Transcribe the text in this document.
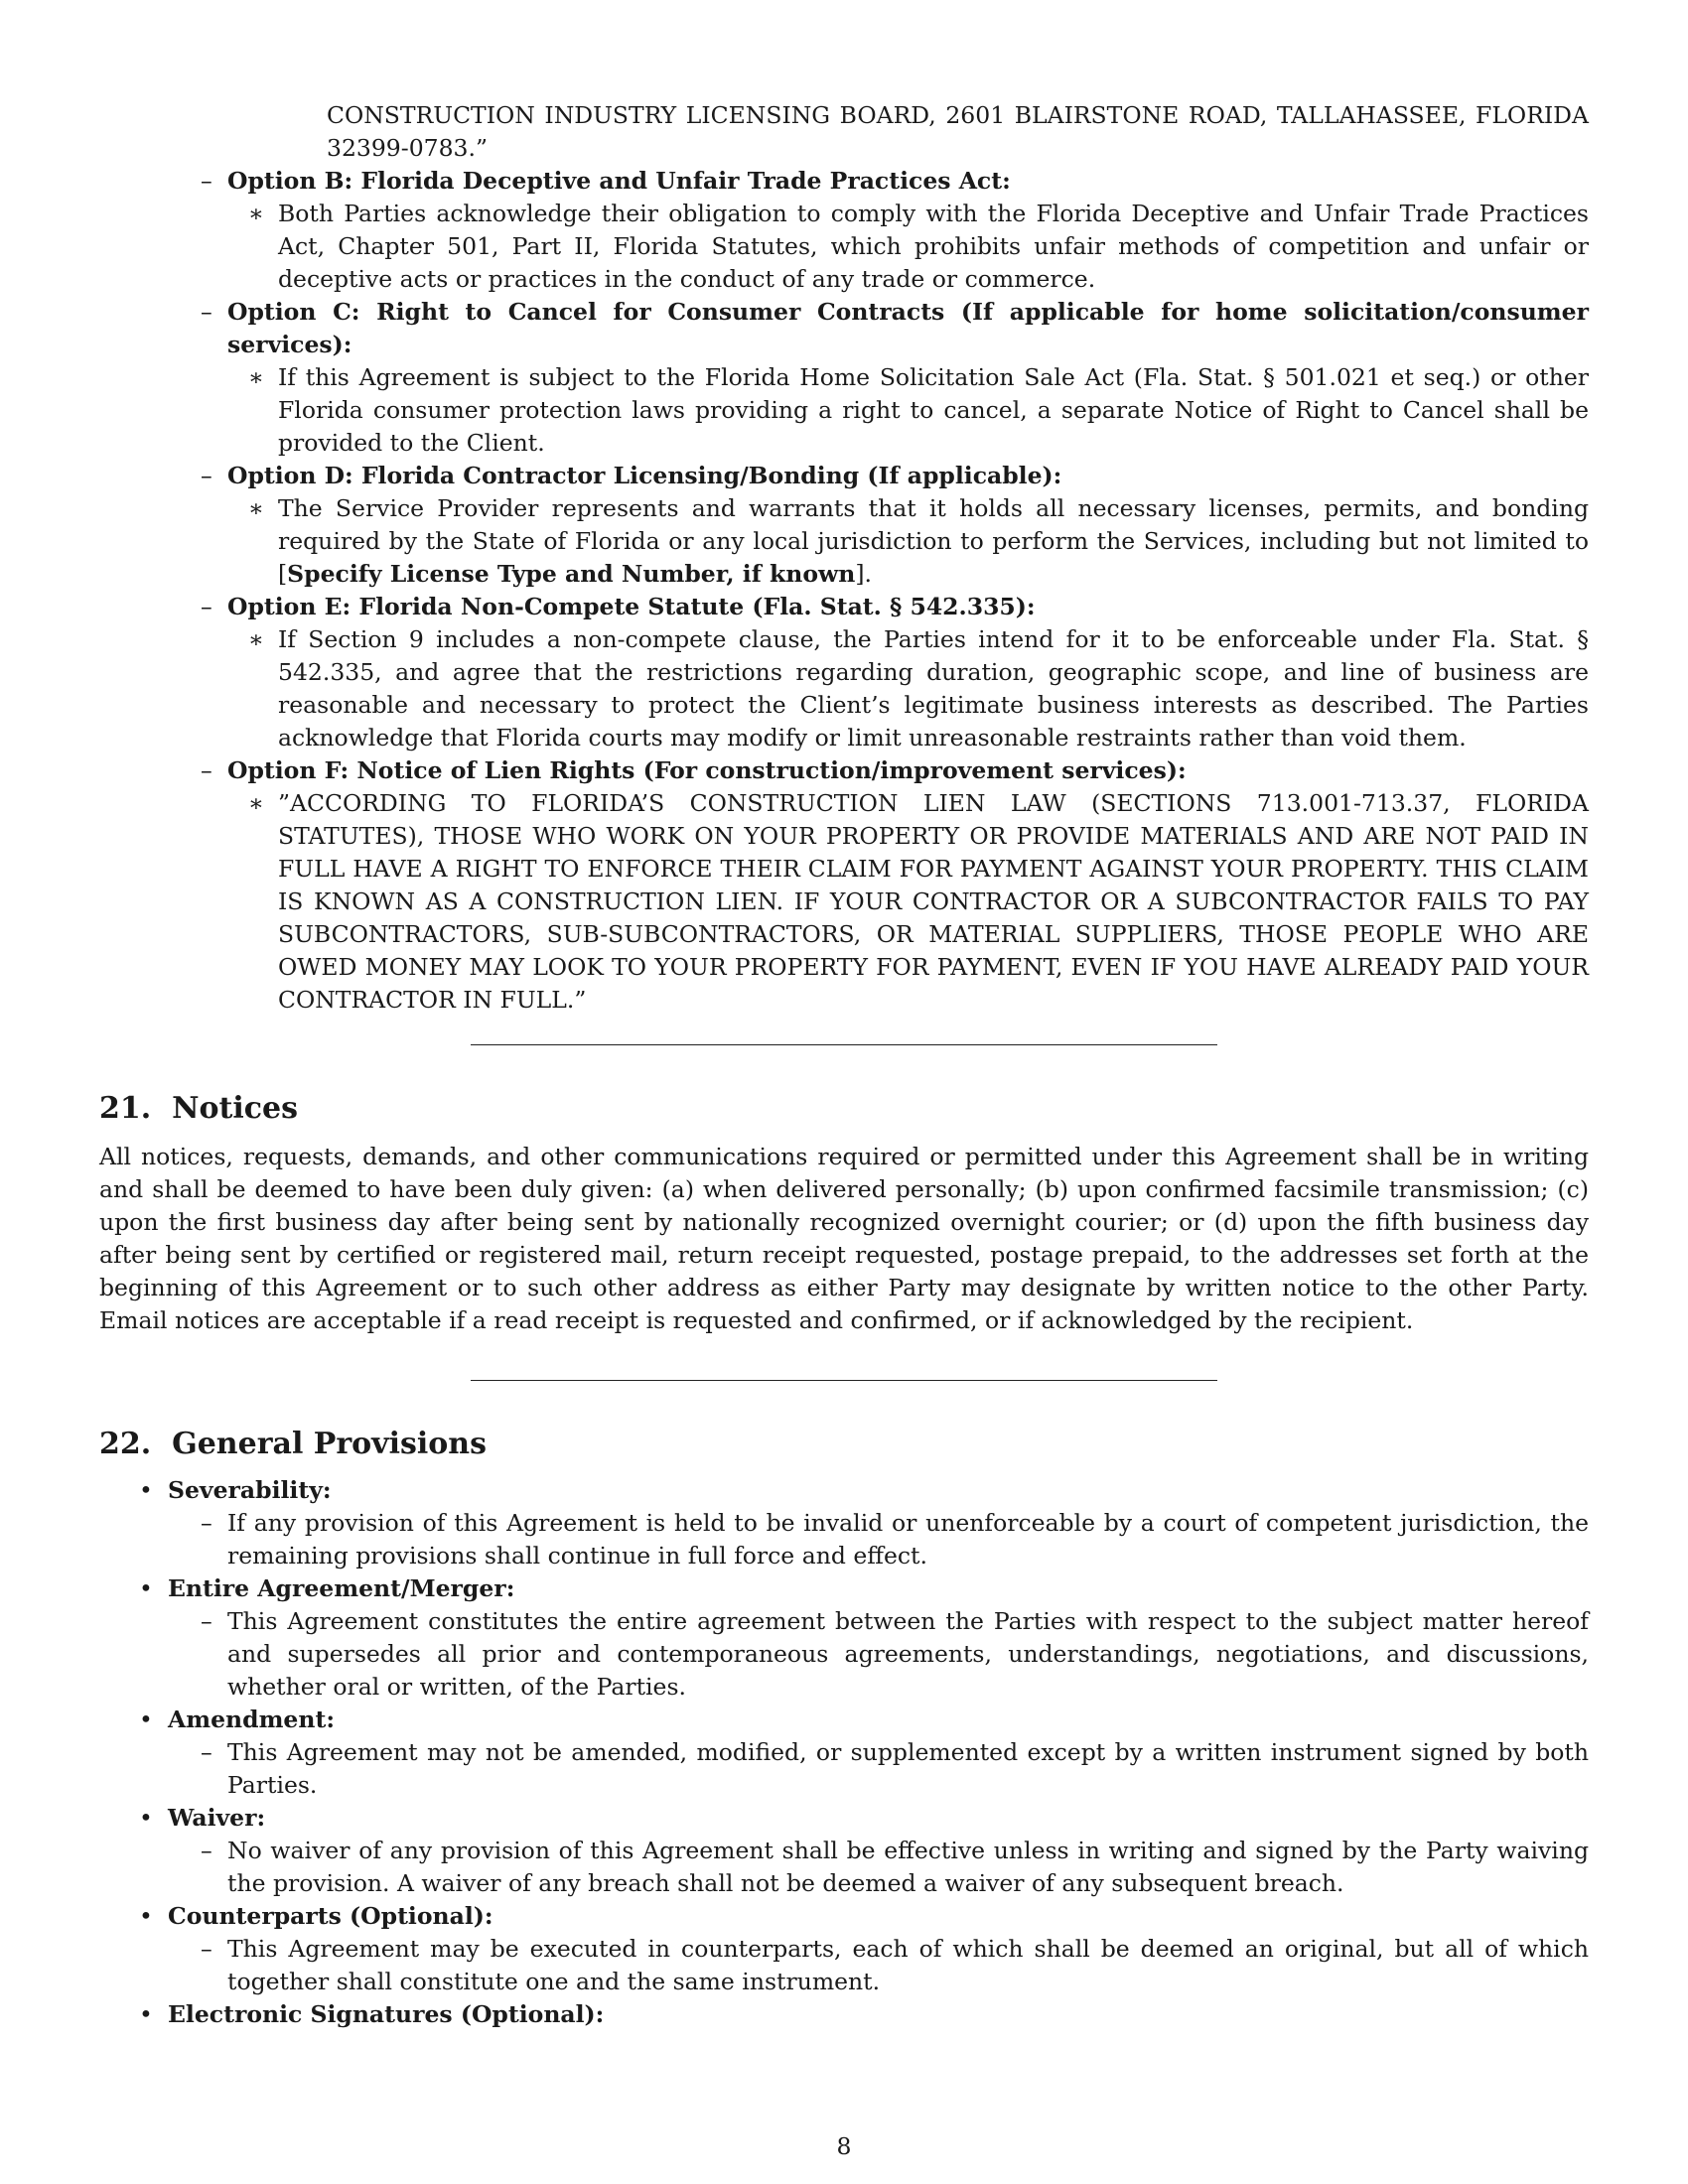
CONSTRUCTION INDUSTRY LICENSING BOARD, 2601 BLAIRSTONE ROAD, TALLAHASSEE, FLORIDA 32399-0783.”
– Option B: Florida Deceptive and Unfair Trade Practices Act:
∗ Both Parties acknowledge their obligation to comply with the Florida Deceptive and Unfair Trade Practices Act, Chapter 501, Part II, Florida Statutes, which prohibits unfair methods of competition and unfair or deceptive acts or practices in the conduct of any trade or commerce.
– Option C: Right to Cancel for Consumer Contracts (If applicable for home solicitation/consumer services):
∗ If this Agreement is subject to the Florida Home Solicitation Sale Act (Fla. Stat. § 501.021 et seq.) or other Florida consumer protection laws providing a right to cancel, a separate Notice of Right to Cancel shall be provided to the Client.
– Option D: Florida Contractor Licensing/Bonding (If applicable):
∗ The Service Provider represents and warrants that it holds all necessary licenses, permits, and bonding required by the State of Florida or any local jurisdiction to perform the Services, including but not limited to [Specify License Type and Number, if known].
– Option E: Florida Non-Compete Statute (Fla. Stat. § 542.335):
∗ If Section 9 includes a non-compete clause, the Parties intend for it to be enforceable under Fla. Stat. § 542.335, and agree that the restrictions regarding duration, geographic scope, and line of business are reasonable and necessary to protect the Client’s legitimate business interests as described. The Parties acknowledge that Florida courts may modify or limit unreasonable restraints rather than void them.
– Option F: Notice of Lien Rights (For construction/improvement services):
∗ ”ACCORDING TO FLORIDA’S CONSTRUCTION LIEN LAW (SECTIONS 713.001-713.37, FLORIDA STATUTES), THOSE WHO WORK ON YOUR PROPERTY OR PROVIDE MATERIALS AND ARE NOT PAID IN FULL HAVE A RIGHT TO ENFORCE THEIR CLAIM FOR PAYMENT AGAINST YOUR PROPERTY. THIS CLAIM IS KNOWN AS A CONSTRUCTION LIEN. IF YOUR CONTRACTOR OR A SUBCONTRACTOR FAILS TO PAY SUBCONTRACTORS, SUB-SUBCONTRACTORS, OR MATERIAL SUPPLIERS, THOSE PEOPLE WHO ARE OWED MONEY MAY LOOK TO YOUR PROPERTY FOR PAYMENT, EVEN IF YOU HAVE ALREADY PAID YOUR CONTRACTOR IN FULL.”
21. Notices
All notices, requests, demands, and other communications required or permitted under this Agreement shall be in writing and shall be deemed to have been duly given: (a) when delivered personally; (b) upon confirmed facsimile transmission; (c) upon the first business day after being sent by nationally recognized overnight courier; or (d) upon the fifth business day after being sent by certified or registered mail, return receipt requested, postage prepaid, to the addresses set forth at the beginning of this Agreement or to such other address as either Party may designate by written notice to the other Party. Email notices are acceptable if a read receipt is requested and confirmed, or if acknowledged by the recipient.
22. General Provisions
• Severability:
– If any provision of this Agreement is held to be invalid or unenforceable by a court of competent jurisdiction, the remaining provisions shall continue in full force and effect.
• Entire Agreement/Merger:
– This Agreement constitutes the entire agreement between the Parties with respect to the subject matter hereof and supersedes all prior and contemporaneous agreements, understandings, negotiations, and discussions, whether oral or written, of the Parties.
• Amendment:
– This Agreement may not be amended, modified, or supplemented except by a written instrument signed by both Parties.
• Waiver:
– No waiver of any provision of this Agreement shall be effective unless in writing and signed by the Party waiving the provision. A waiver of any breach shall not be deemed a waiver of any subsequent breach.
• Counterparts (Optional):
– This Agreement may be executed in counterparts, each of which shall be deemed an original, but all of which together shall constitute one and the same instrument.
• Electronic Signatures (Optional):
8
